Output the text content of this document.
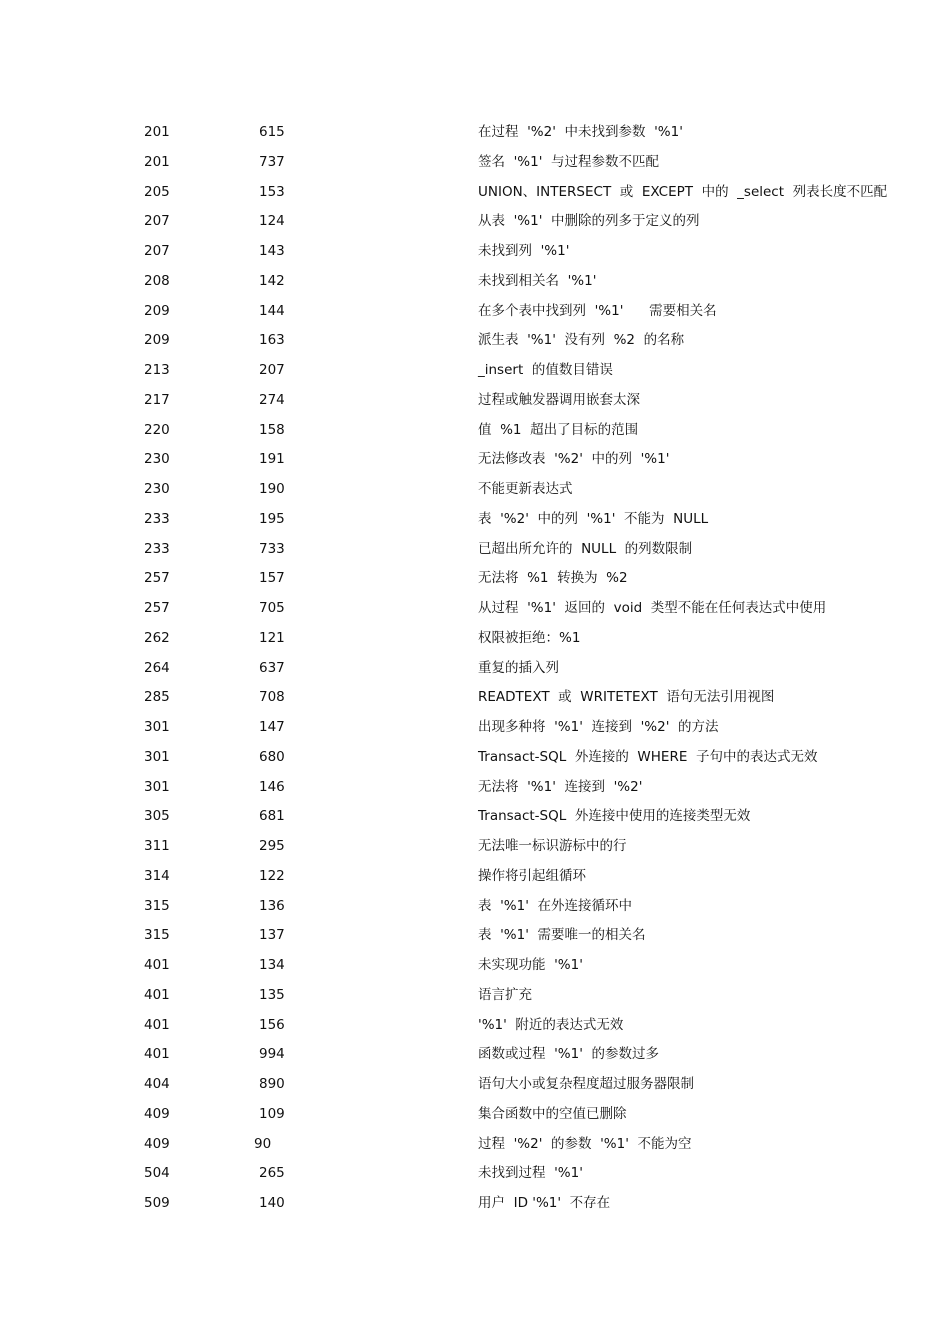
201	615	在过程  '%2'  中未找到参数  '%1'
201	737	签名  '%1'  与过程参数不匹配
205	153	UNION、INTERSECT  或  EXCEPT  中的  _select  列表长度不匹配
207	124	从表  '%1'  中删除的列多于定义的列
207	143	未找到列  '%1'
208	142	未找到相关名  '%1'
209	144	在多个表中找到列  '%1'      需要相关名
209	163	派生表  '%1'  没有列  %2  的名称
213	207	_insert  的值数目错误
217	274	过程或触发器调用嵌套太深
220	158	值  %1  超出了目标的范围
230	191	无法修改表  '%2'  中的列  '%1'
230	190	不能更新表达式
233	195	表  '%2'  中的列  '%1'  不能为  NULL
233	733	已超出所允许的  NULL  的列数限制
257	157	无法将  %1  转换为  %2
257	705	从过程  '%1'  返回的  void  类型不能在任何表达式中使用
262	121	权限被拒绝：%1
264	637	重复的插入列
285	708	READTEXT  或  WRITETEXT  语句无法引用视图
301	147	出现多种将  '%1'  连接到  '%2'  的方法
301	680	Transact-SQL  外连接的  WHERE  子句中的表达式无效
301	146	无法将  '%1'  连接到  '%2'
305	681	Transact-SQL  外连接中使用的连接类型无效
311	295	无法唯一标识游标中的行
314	122	操作将引起组循环
315	136	表  '%1'  在外连接循环中
315	137	表  '%1'  需要唯一的相关名
401	134	未实现功能  '%1'
401	135	语言扩充
401	156	'%1'  附近的表达式无效
401	994	函数或过程  '%1'  的参数过多
404	890	语句大小或复杂程度超过服务器限制
409	109	集合函数中的空值已删除
409	90	过程  '%2'  的参数  '%1'  不能为空
504	265	未找到过程  '%1'
509	140	用户  ID '%1'  不存在
